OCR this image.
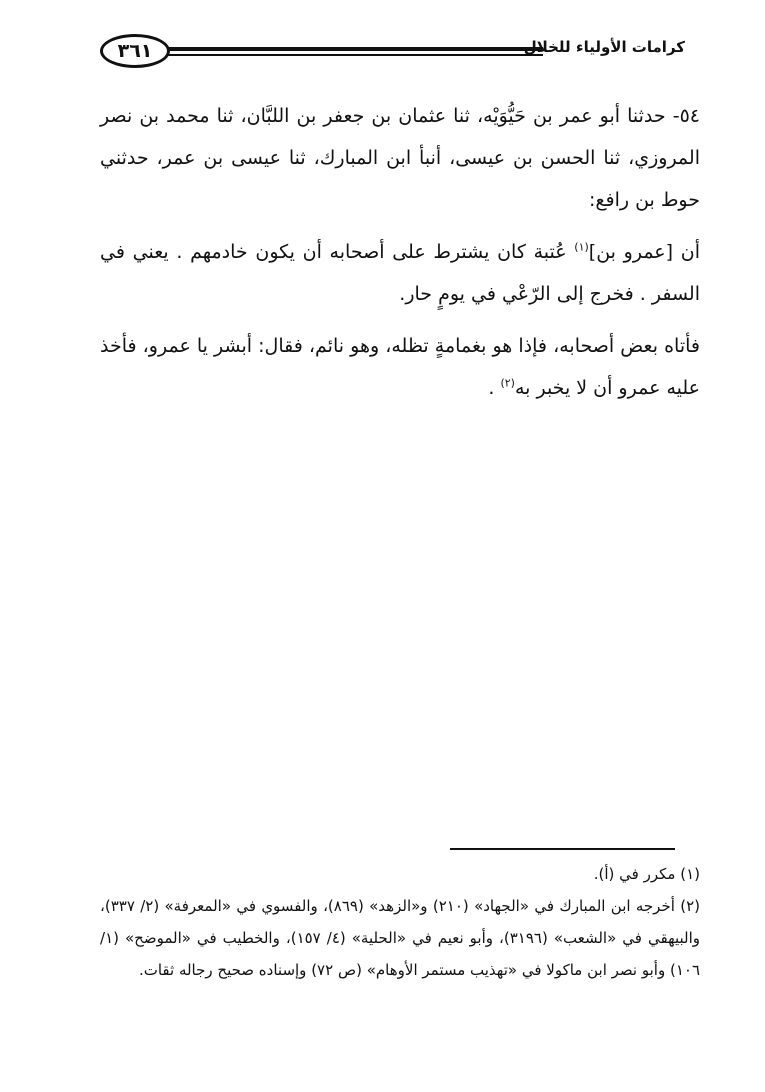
٣٦١	كرامات الأولياء للخلال

٥٤- حدثنا أبو عمر بن حَيُّوَيْه، ثنا عثمان بن جعفر بن اللبَّان، ثنا محمد بن نصر المروزي، ثنا الحسن بن عيسى، أنبأ ابن المبارك، ثنا عيسى بن عمر، حدثني حوط بن رافع:

أن [عمرو بن]$^{(١)}$ عُتبة كان يشترط على أصحابه أن يكون خادمهم . يعني في السفر . فخرج إلى الرّعْي في يومٍ حار.

فأتاه بعض أصحابه، فإذا هو بغمامةٍ تظله، وهو نائم، فقال: أبشر يا عمرو، فأخذ عليه عمرو أن لا يخبر به$^{(٢)}$ .

(١) مكرر في (أ).

(٢) أخرجه ابن المبارك في «الجهاد» (٢١٠) و«الزهد» (٨٦٩)، والفسوي في «المعرفة» (٢/ ٣٣٧)، والبيهقي في «الشعب» (٣١٩٦)، وأبو نعيم في «الحلية» (٤/ ١٥٧)، والخطيب في «الموضح» (١/ ١٠٦) وأبو نصر ابن ماكولا في «تهذيب مستمر الأوهام» (ص ٧٢) وإسناده صحيح رجاله ثقات.
